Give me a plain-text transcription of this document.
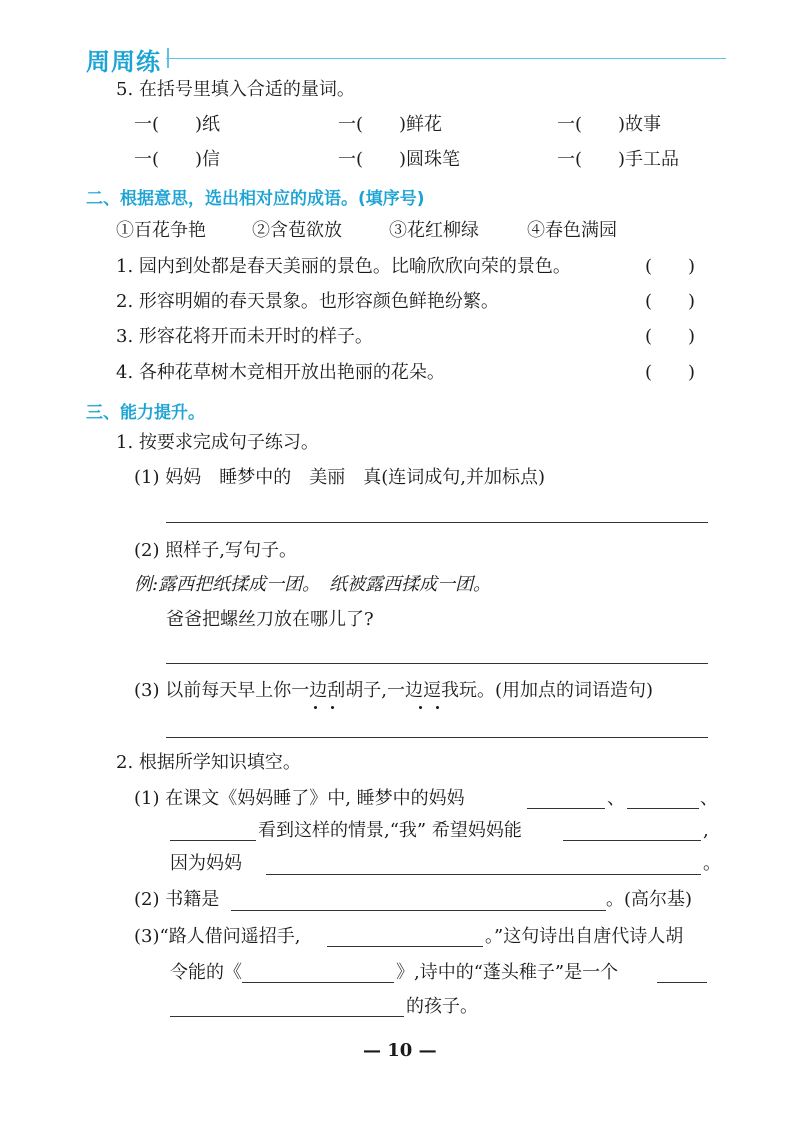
周周练
5. 在括号里填入合适的量词。
一(　　)纸	一(　　)鲜花	一(　　)故事
一(　　)信	一(　　)圆珠笔	一(　　)手工品
二、根据意思，选出相对应的成语。(填序号)
①百花争艳	②含苞欲放	③花红柳绿	④春色满园
1. 园内到处都是春天美丽的景色。比喻欣欣向荣的景色。	(　　)
2. 形容明媚的春天景象。也形容颜色鲜艳纷繁。	(　　)
3. 形容花将开而未开时的样子。	(　　)
4. 各种花草树木竞相开放出艳丽的花朵。	(　　)
三、能力提升。
1. 按要求完成句子练习。
(1) 妈妈　睡梦中的　美丽　真(连词成句,并加标点)
(2) 照样子,写句子。
例:露西把纸揉成一团。　纸被露西揉成一团。
爸爸把螺丝刀放在哪儿了?
(3) 以前每天早上你一边刮胡子,一边逗我玩。(用加点的词语造句)
2. 根据所学知识填空。
(1) 在课文《妈妈睡了》中, 睡梦中的妈妈	、	、
看到这样的情景,“我” 希望妈妈能	,
因为妈妈	。
(2) 书籍是	。(高尔基)
(3)“路人借问遥招手,	。”这句诗出自唐代诗人胡
令能的《	》,诗中的“蓬头稚子”是一个
的孩子。
— 10 —
